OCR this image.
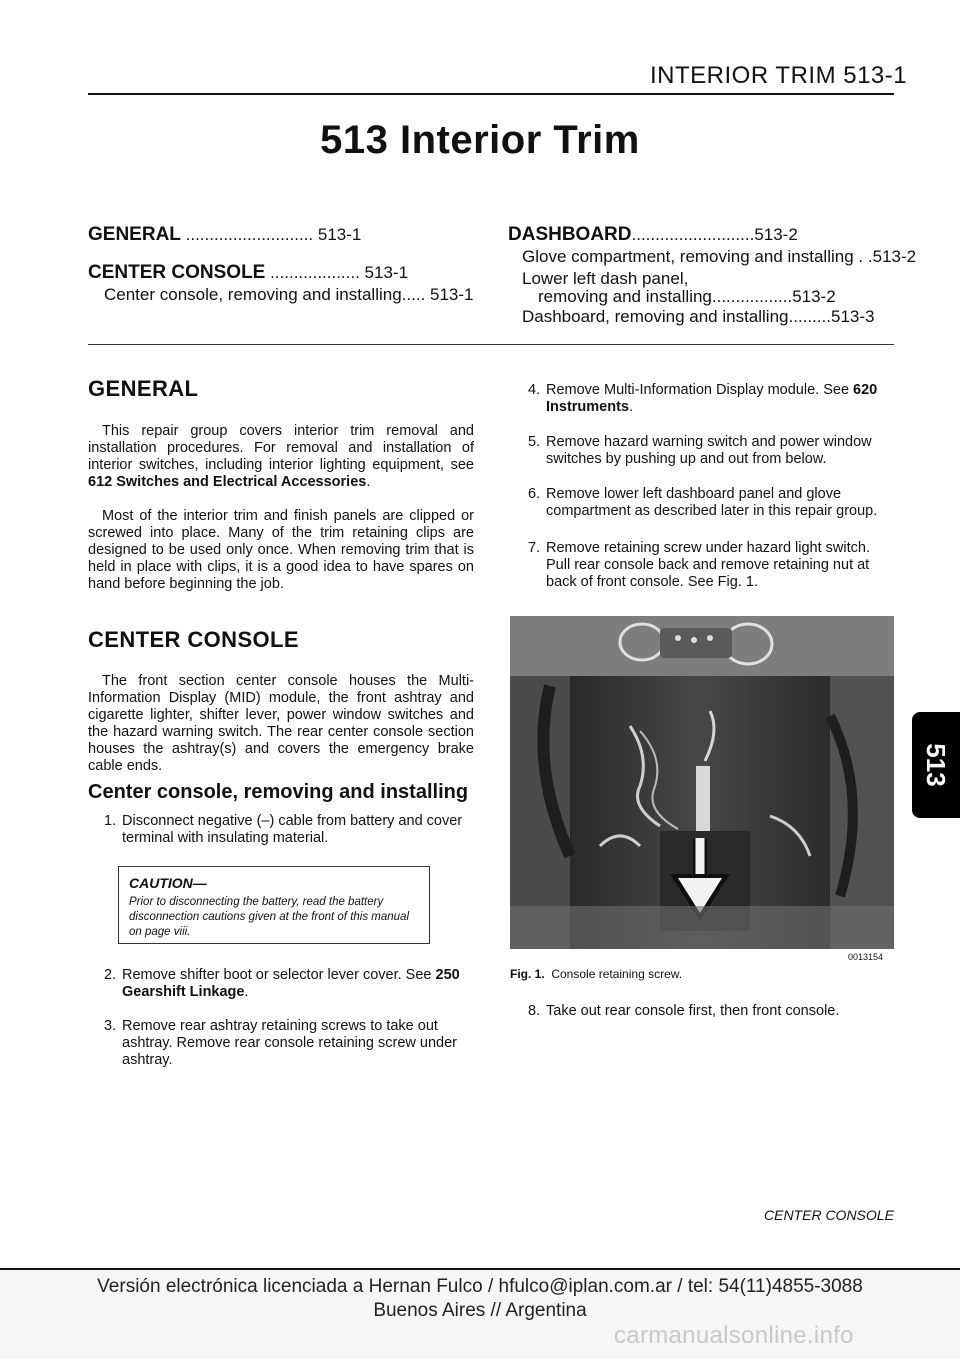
INTERIOR TRIM 513-1
513 Interior Trim
GENERAL ........................... 513-1
CENTER CONSOLE ................... 513-1
Center console, removing and installing..... 513-1
DASHBOARD..........................513-2
Glove compartment, removing and installing . .513-2
Lower left dash panel,
removing and installing.................513-2
Dashboard, removing and installing.........513-3
GENERAL
This repair group covers interior trim removal and installation procedures. For removal and installation of interior switches, including interior lighting equipment, see 612 Switches and Electrical Accessories.
Most of the interior trim and finish panels are clipped or screwed into place. Many of the trim retaining clips are designed to be used only once. When removing trim that is held in place with clips, it is a good idea to have spares on hand before beginning the job.
CENTER CONSOLE
The front section center console houses the Multi-Information Display (MID) module, the front ashtray and cigarette lighter, shifter lever, power window switches and the hazard warning switch. The rear center console section houses the ashtray(s) and covers the emergency brake cable ends.
Center console, removing and installing
1. Disconnect negative (–) cable from battery and cover terminal with insulating material.
CAUTION—
Prior to disconnecting the battery, read the battery disconnection cautions given at the front of this manual on page viii.
2. Remove shifter boot or selector lever cover. See 250 Gearshift Linkage.
3. Remove rear ashtray retaining screws to take out ashtray. Remove rear console retaining screw under ashtray.
4. Remove Multi-Information Display module. See 620 Instruments.
5. Remove hazard warning switch and power window switches by pushing up and out from below.
6. Remove lower left dashboard panel and glove compartment as described later in this repair group.
7. Remove retaining screw under hazard light switch. Pull rear console back and remove retaining nut at back of front console. See Fig. 1.
0013154
Fig. 1. Console retaining screw.
8. Take out rear console first, then front console.
513
CENTER CONSOLE
Versión electrónica licenciada a Hernan Fulco / hfulco@iplan.com.ar / tel: 54(11)4855-3088
Buenos Aires // Argentina
carmanualsonline.info
